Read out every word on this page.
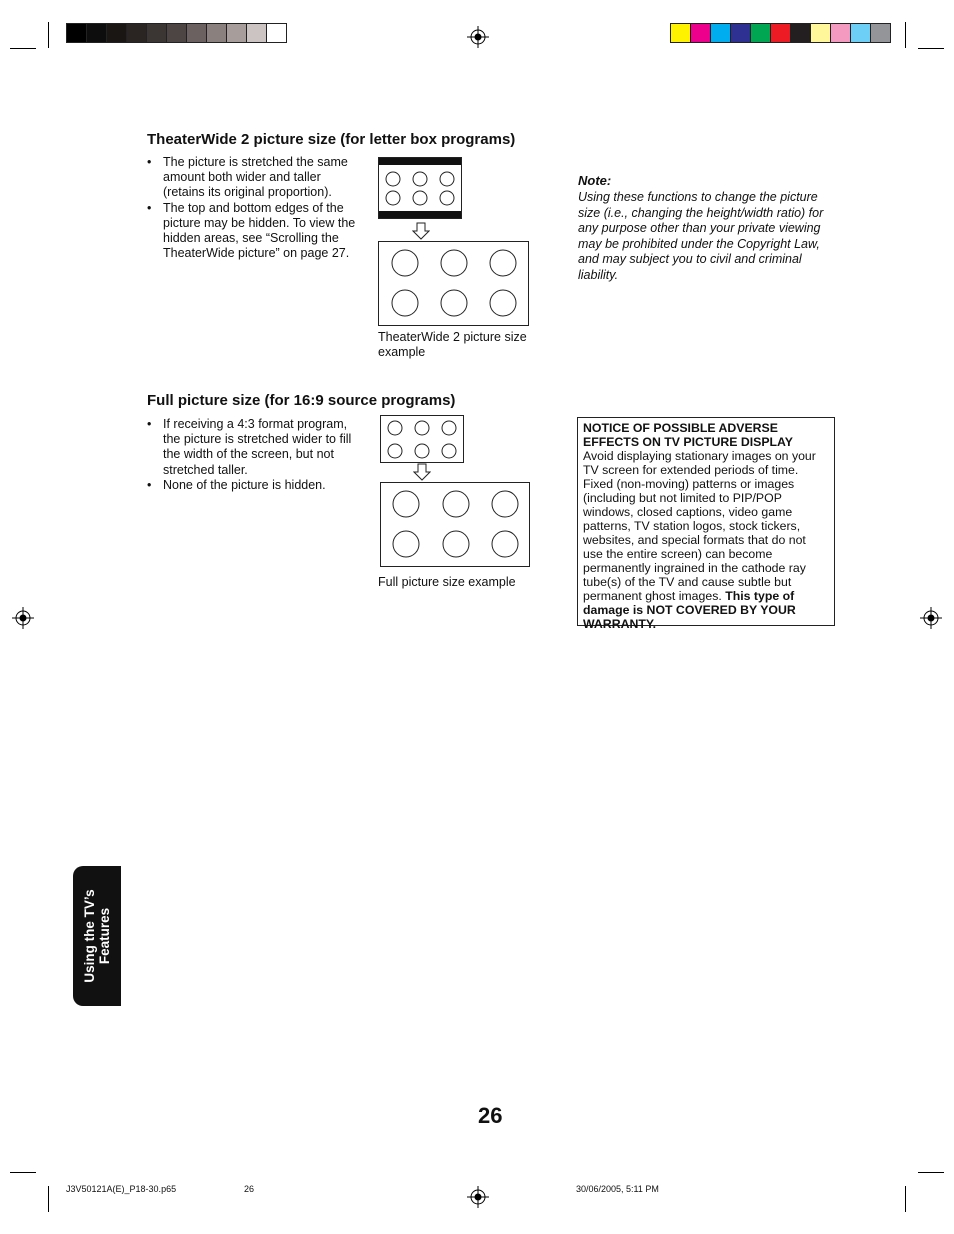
TheaterWide 2 picture size (for letter box programs)
• The picture is stretched the same amount both wider and taller (retains its original proportion).
• The top and bottom edges of the picture may be hidden. To view the hidden areas, see “Scrolling the TheaterWide picture” on page 27.
TheaterWide 2 picture size example
Note:
Using these functions to change the picture size (i.e., changing the height/width ratio) for any purpose other than your private viewing may be prohibited under the Copyright Law, and may subject you to civil and criminal liability.
Full picture size (for 16:9 source programs)
• If receiving a 4:3 format program, the picture is stretched wider to fill the width of the screen, but not stretched taller.
• None of the picture is hidden.
Full picture size example
NOTICE OF POSSIBLE ADVERSE EFFECTS ON TV PICTURE DISPLAY
Avoid displaying stationary images on your TV screen for extended periods of time. Fixed (non-moving) patterns or images (including but not limited to PIP/POP windows, closed captions, video game patterns, TV station logos, stock tickers, websites, and special formats that do not use the entire screen) can become permanently ingrained in the cathode ray tube(s) of the TV and cause subtle but permanent ghost images. This type of damage is NOT COVERED BY YOUR WARRANTY.
Using the TV’s Features
26
J3V50121A(E)_P18-30.p65	26	30/06/2005, 5:11 PM
